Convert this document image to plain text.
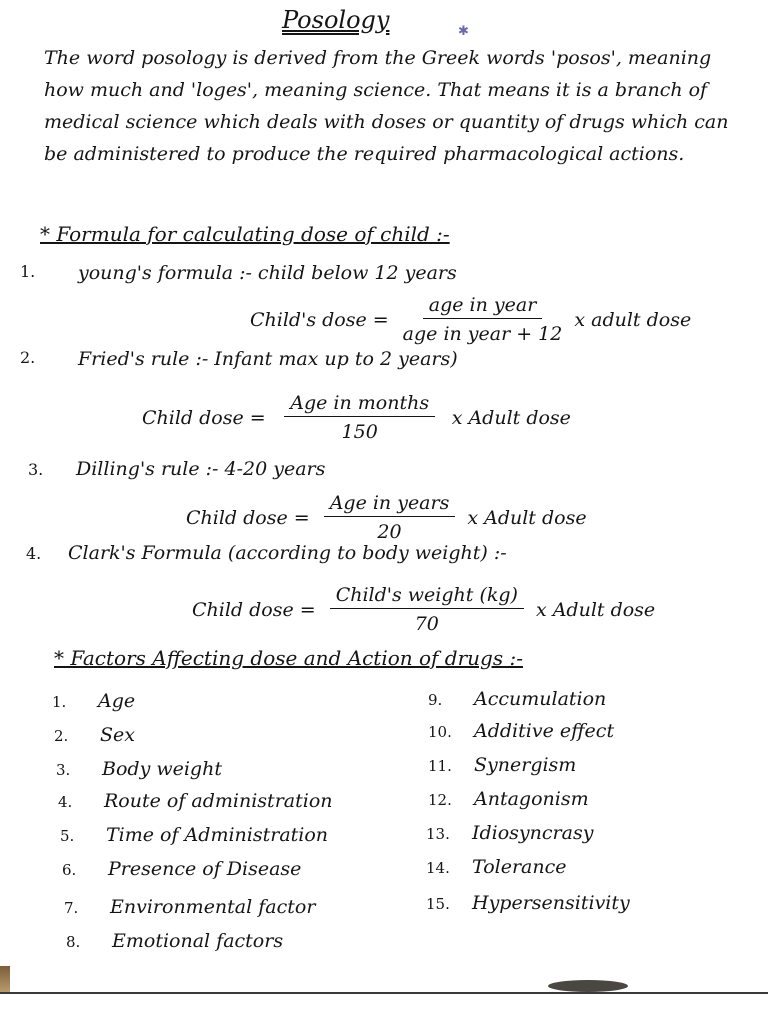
Posology	✱
The word posology is derived from the Greek words 'posos', meaning how much and 'loges', meaning science. That means it is a branch of medical science which deals with doses or quantity of drugs which can be administered to produce the required pharmacological actions.
* Formula for calculating dose of child :-
1. young's formula :- child below 12 years
Child's dose = $\frac{\text{age in year}}{\text{age in year + 12}}$ x adult dose
2. Fried's rule :- Infant max up to 2 years)
Child dose = $\frac{\text{Age in months}}{150}$ x Adult dose
3. Dilling's rule :- 4-20 years
Child dose = $\frac{\text{Age in years}}{20}$ x Adult dose
4. Clark's Formula (according to body weight) :-
Child dose = $\frac{\text{Child's weight (kg)}}{70}$ x Adult dose
* Factors Affecting dose and Action of drugs :-
1. Age
2. Sex
3. Body weight
4. Route of administration
5. Time of Administration
6. Presence of Disease
7. Environmental factor
8. Emotional factors
9. Accumulation
10. Additive effect
11. Synergism
12. Antagonism
13. Idiosyncrasy
14. Tolerance
15. Hypersensitivity
